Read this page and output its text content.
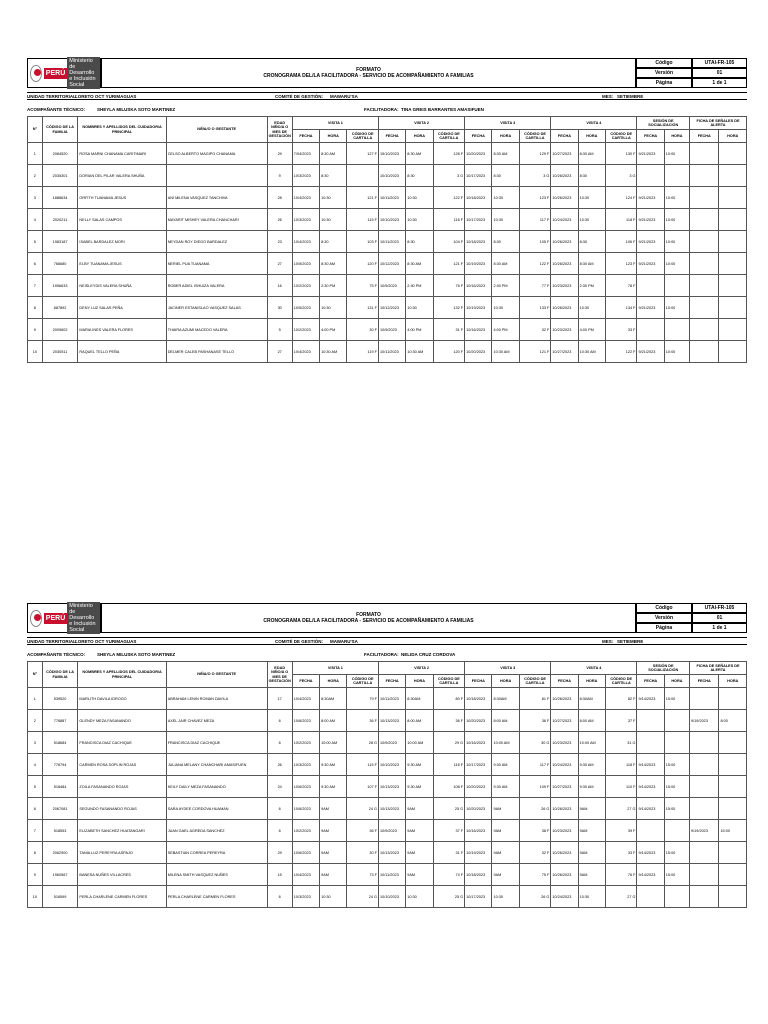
PERÚ
Ministerio de Desarrollo
e Inclusión Social
FORMATO
CRONOGRAMA DEL/LA FACILITADORA - SERVICIO DE ACOMPAÑAMIENTO A FAMILIAS
Código	UTAI-FR-105
Versión	01
Página	1 de 1
UNIDAD TERRITORIAL:
LORETO OCT YURIMAGUAS	COMITÉ DE GESTIÓN: MAWARU'SA	MES: SETIEMBRE
ACOMPAÑANTE TÉCNICO:	SHEYLA MILUSKA SOTO MARTINEZ	FACILITADORA: TINA GREIS BARRANTES AMASIFUEN
N°	CÓDIGO DE LA FAMILIA	NOMBRES Y APELLIDOS DEL CUIDADOR/A PRINCIPAL	NIÑA/O O GESTANTE	EDAD NIÑO/A O MES DE GESTACIÓN	VISITA 1			VISITA 2			VISITA 3			VISITA 4			SESIÓN DE SOCIALIZACIÓN		FICHA DE SEÑALES DE ALERTA	
					FECHA	HORA	CÓDIGO DE CARTILLA	FECHA	HORA	CÓDIGO DE CARTILLA	FECHA	HORA	CÓDIGO DE CARTILLA	FECHA	HORA	CÓDIGO DE CARTILLA	FECHA	HORA	FECHA	HORA
1	2084520	ROSA MARNI CHANAMA CARITIMARI	CELSO ALBERTO MAGIPO CHANAMA	29	7/04/2023	8:30 AM	127 F	15/10/2023	8:30 AM	128 F	10/20/2023	8:30 AM	129 F	10/27/2023	8:30 AM	130 F	9/21/2023	10:00		
2	2035301	DORIAN DEL PILAR VALERA SHUÑA		9	10/3/2023	8:30		10/10/2023	8:30	3 G	10/17/2023	8:30	3 G	10/26/2023	8:30	3 G				
3	1888634	ORFITH TUANAMA JESUS	ANI MILENA VASQUEZ TANCHIVA	28	10/4/2023	10:30	121 F	10/11/2023	10:30	122 F	10/18/2023	10:30	123 F	10/26/2023	10:30	124 F	9/21/2023	10:00		
4	2020211	NELLY SALAS CAMPOS	MAYARIT MISHEY VALERA CHANCHARI	26	10/3/2023	10:30	115 F	10/10/2023	10:30	116 F	10/17/2023	10:30	117 F	10/24/2023	10:30	118 F	9/21/2023	10:00		
5	1983187	ISABEL BARDALEZ MORI	NEYDAN ROY DIEGO BARDALEZ	23	10/4/2023	8:30	103 F	10/11/2023	8:30	104 F	10/18/2023	8:30	105 F	10/26/2023	8:30	106 F	9/21/2023	10:00		
6	766680	ELBY TUANAMA JESUS	NERIEL PUA TUANAMA	27	10/5/2023	8:30 AM	120 F	10/12/2023	8:30 AM	121 F	10/19/2023	8:30 AM	122 F	10/26/2023	8:30 AM	123 F	9/21/2023	10:00		
7	1956633	NEISLEYDIS VALERA SHUÑA	ROBER ADIEL ISHUIZA VALERA	16	10/2/2023	2:30 PM	75 F	10/9/2023	2:30 PM	76 F	10/16/2023	2:30 PM	77 F	10/23/2023	2:30 PM	78 F				
8	687892	DENY LUZ SALAS PEÑA	JACINER ESTANISLAO VASQUEZ SALAS	30	10/5/2023	10:30	131 F	10/12/2023	10:30	132 F	10/19/2023	10:30	133 F	10/26/2023	10:30	134 F	9/21/2023	10:00		
9	2009602	MARIA INES VALERA FLORES	THAIRA AZUMI MACEDO VALERA	5	10/2/2023	4:00 PM	30 F	10/9/2023	4:00 PM	31 F	10/16/2023	4:00 PM	32 F	10/23/2023	4:00 PM	33 F				
10	2030511	RAQUEL TELLO PEÑA	DELMER CALEB PASHANASE TELLO	27	10/4/2023	10:30 AM	119 F	10/11/2023	10:30 AM	120 F	10/20/2023	10:30 AM	121 F	10/27/2023	10:30 AM	122 F	9/21/2023	10:00		
PERÚ
Ministerio de Desarrollo
e Inclusión Social
FORMATO
CRONOGRAMA DEL/LA FACILITADORA - SERVICIO DE ACOMPAÑAMIENTO A FAMILIAS
Código	UTAI-FR-105
Versión	01
Página	1 de 1
UNIDAD TERRITORIAL:
LORETO OCT YURIMAGUAS	COMITÉ DE GESTIÓN: MAWARU'SA	MES: SETIEMBRE
ACOMPAÑANTE TÉCNICO:	SHEYLA MILUSKA SOTO MARTINEZ	FACILITADORA: NELIDA CRUZ CORDOVA
N°	CÓDIGO DE LA FAMILIA	NOMBRES Y APELLIDOS DEL CUIDADOR/A PRINCIPAL	NIÑA/O O GESTANTE	EDAD NIÑO/A O MES DE GESTACIÓN	VISITA 1			VISITA 2			VISITA 3			VISITA 4			SESIÓN DE SOCIALIZACIÓN		FICHA DE SEÑALES DE ALERTA	
					FECHA	HORA	CÓDIGO DE CARTILLA	FECHA	HORA	CÓDIGO DE CARTILLA	FECHA	HORA	CÓDIGO DE CARTILLA	FECHA	HORA	CÓDIGO DE CARTILLA	FECHA	HORA	FECHA	HORA
1	539520	MARLITH DAVILA IDROGO	ABRAHAM LENIN ROMAN DAVILA	17	10/4/2023	8:30AM	79 F	10/11/2023	8:30AM	80 F	10/18/2023	8:30AM	81 F	10/26/2023	8:30AM	82 F	9/14/2023	15:00		
2	776887	GLENDY MEZA FASANANDO	AXEL JAIR CHAVEZ MEZA	6	10/6/2023	8:00 AM	36 F	10/13/2023	8:00 AM	36 F	10/20/2023	8:00 AM	36 F	10/27/2023	8:00 AM	37 F			9/19/2023	8:00
3	518684	FRANCISCA DIAZ CACHIQUE	FRANCISCA DIAZ CACHIQUE	6	10/2/2023	10:00 AM	28 G	10/9/2023	10:00 AM	29 G	10/16/2023	10:00 AM	30 G	10/23/2023	10:00 AM	31 G				
4	776794	CARMEN ROSA SOPLIN ROJAS	JULIANA MELANY CHANCHARI AMASIFUEN	26	10/3/2023	9:30 AM	115 F	10/10/2023	9:30 AM	116 F	10/17/2023	9:30 AM	117 F	10/24/2023	9:30 AM	118 F	9/14/2023	15:00		
5	518484	ZOILA FASANANDO ROJAS	KEILY DAILY MEZA FASANANDO	24	10/6/2023	9:30 AM	107 F	10/13/2023	9:30 AM	108 F	10/20/2023	9:30 AM	109 F	10/27/2023	9:30 AM	110 F	9/14/2023	15:00		
6	2067081	SEGUNDO FASANANDO ROJAS	SARA AYDEE CORDOVA HUAMAN	6	10/6/2023	9AM	24 G	10/13/2023	9AM	25 G	10/20/2023	9AM	26 G	10/26/2023	9AM	27 G	9/14/2023	15:00		
7	518553	ELIZABETH SANCHEZ HUATANGARI	JUAN GAEL AGREDA SANCHEZ	6	10/2/2023	9AM	36 F	10/9/2023	9AM	37 F	10/16/2023	9AM	38 F	10/23/2023	9AM	39 F			9/19/2023	15:00
8	2062900	TANIA LUZ PEREYRA ASPAJO	SEBASTIAN CORREA PEREYRA	29	10/6/2023	9AM	30 F	10/13/2023	9AM	31 F	10/19/2023	9AM	32 F	10/26/2023	9AM	33 F	9/14/2023	15:00		
9	1960567	BANESA NUÑES VILLACRES	MILENA SMITH VASQUEZ NUÑES	15	10/4/2023	9AM	73 F	10/11/2023	9AM	74 F	10/18/2023	9AM	75 F	10/26/2023	9AM	76 F	9/14/2023	15:00		
10	516599	PERLA CHARLENE CARMEN FLORES	PERLA CHARLENE CARMEN FLORES	6	10/3/2023	10:30	24 G	10/10/2023	10:30	25 G	10/17/2023	10:30	26 G	10/24/2023	10:30	27 G				
